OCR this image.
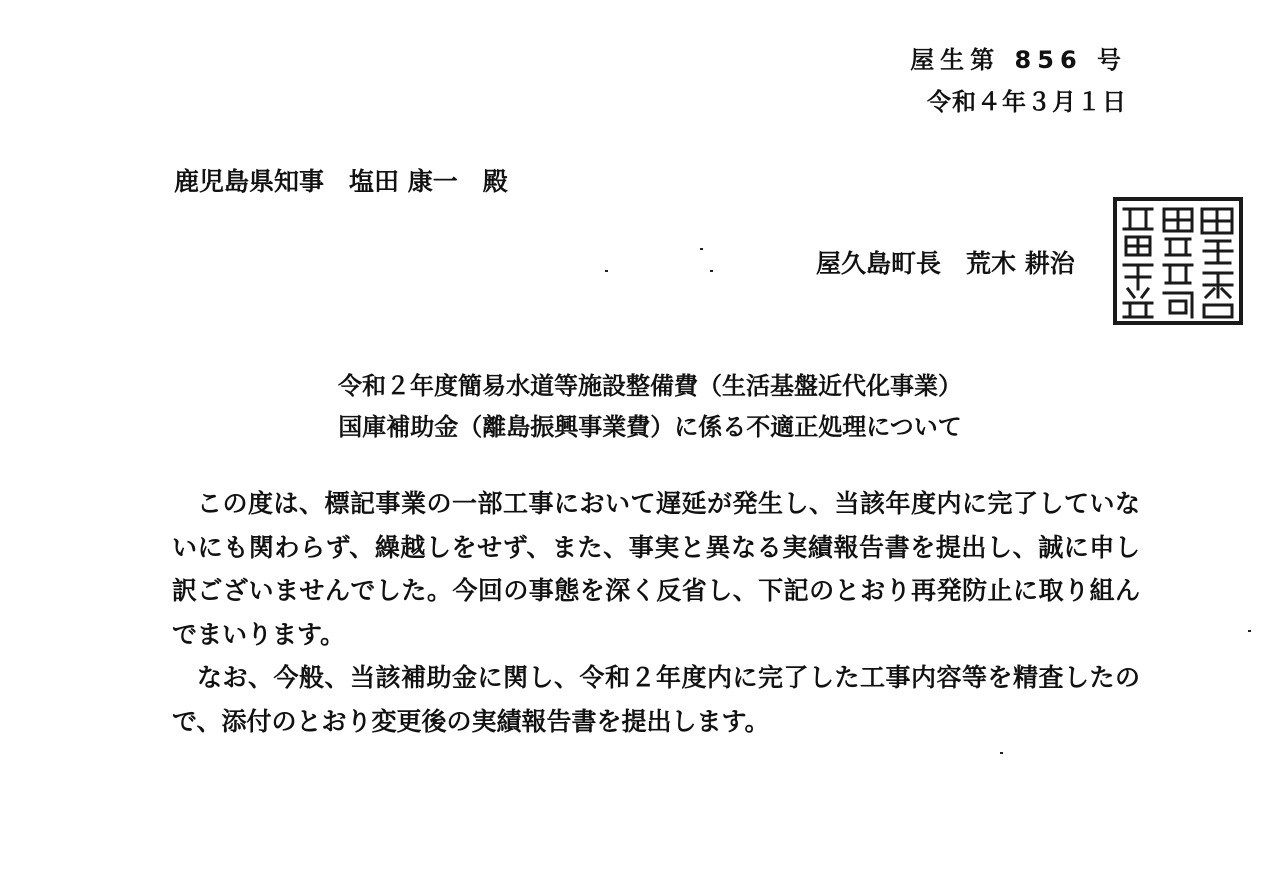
屋生第 856 号
令和４年３月１日
鹿児島県知事　塩田 康一　殿
屋久島町長　荒木 耕治
令和２年度簡易水道等施設整備費（生活基盤近代化事業）
国庫補助金（離島振興事業費）に係る不適正処理について

この度は、標記事業の一部工事において遅延が発生し、当該年度内に完了していないにも関わらず、繰越しをせず、また、事実と異なる実績報告書を提出し、誠に申し訳ございませんでした。今回の事態を深く反省し、下記のとおり再発防止に取り組んでまいります。

なお、今般、当該補助金に関し、令和２年度内に完了した工事内容等を精査したので、添付のとおり変更後の実績報告書を提出します。
